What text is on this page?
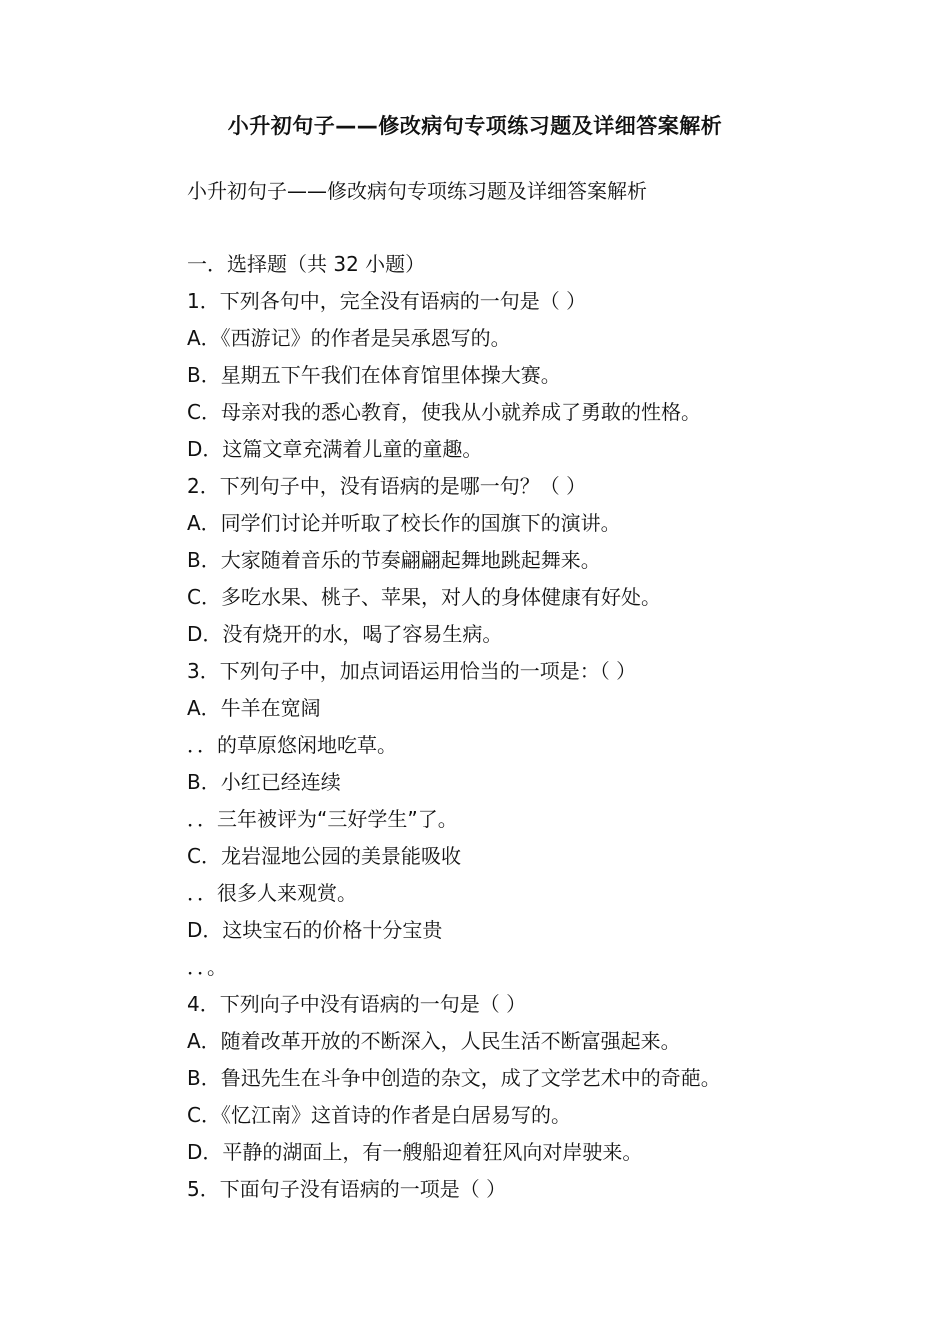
小升初句子——修改病句专项练习题及详细答案解析
小升初句子——修改病句专项练习题及详细答案解析
一．选择题（共 32 小题）
1．下列各句中，完全没有语病的一句是（ ）
A．《西游记》的作者是吴承恩写的。
B．星期五下午我们在体育馆里体操大赛。
C．母亲对我的悉心教育，使我从小就养成了勇敢的性格。
D．这篇文章充满着儿童的童趣。
2．下列句子中，没有语病的是哪一句？（ ）
A．同学们讨论并听取了校长作的国旗下的演讲。
B．大家随着音乐的节奏翩翩起舞地跳起舞来。
C．多吃水果、桃子、苹果，对人的身体健康有好处。
D．没有烧开的水，喝了容易生病。
3．下列句子中，加点词语运用恰当的一项是：（ ）
A．牛羊在宽阔
．．的草原悠闲地吃草。
B．小红已经连续
．．三年被评为“三好学生”了。
C．龙岩湿地公园的美景能吸收
．．很多人来观赏。
D．这块宝石的价格十分宝贵
．．。
4．下列向子中没有语病的一句是（ ）
A．随着改革开放的不断深入，人民生活不断富强起来。
B．鲁迅先生在斗争中创造的杂文，成了文学艺术中的奇葩。
C．《忆江南》这首诗的作者是白居易写的。
D．平静的湖面上，有一艘船迎着狂风向对岸驶来。
5．下面句子没有语病的一项是（ ）
